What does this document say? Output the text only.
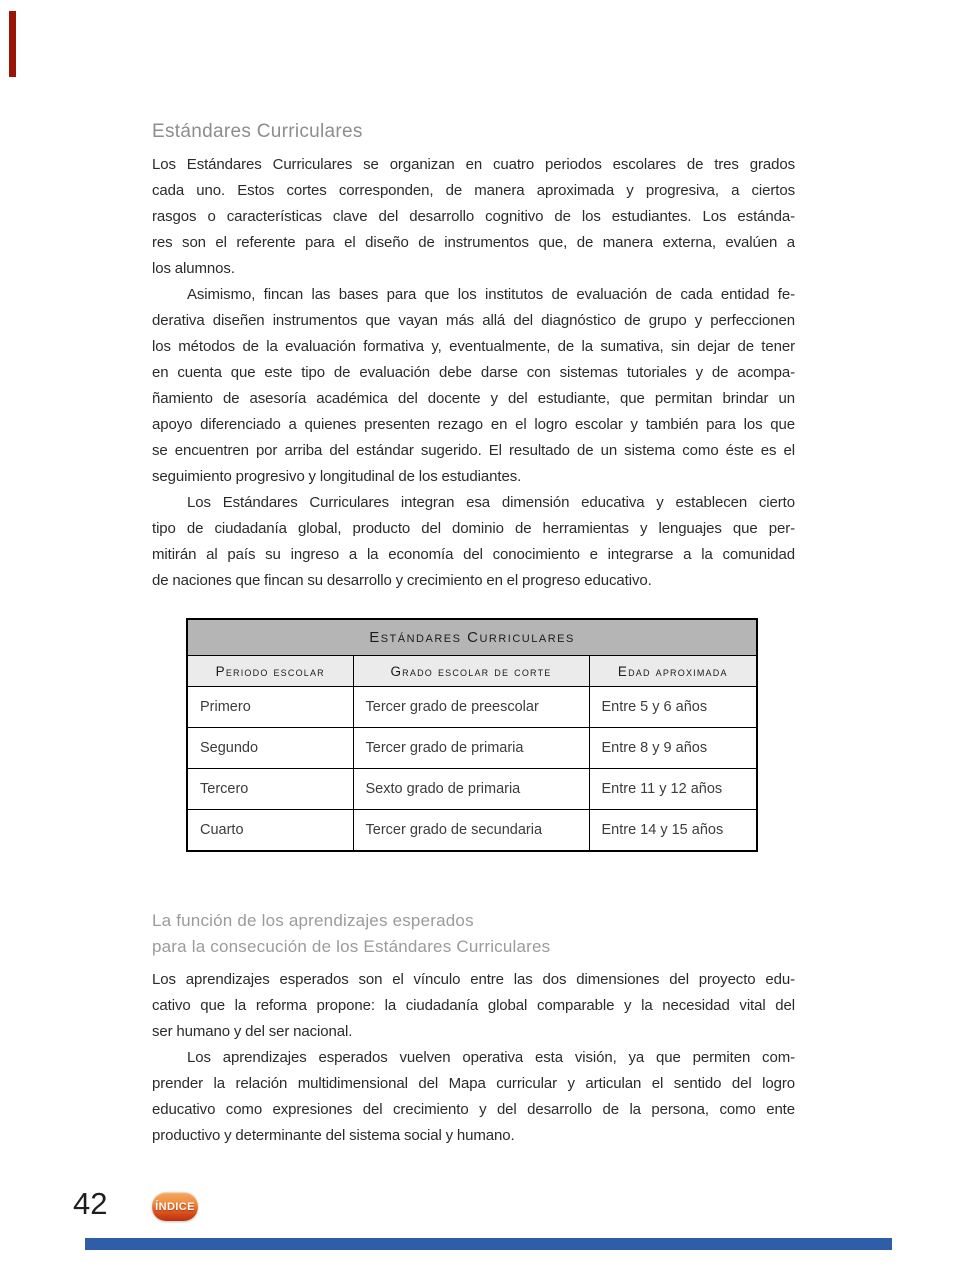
Estándares Curriculares
Los Estándares Curriculares se organizan en cuatro periodos escolares de tres grados
cada uno. Estos cortes corresponden, de manera aproximada y progresiva, a ciertos
rasgos o características clave del desarrollo cognitivo de los estudiantes. Los estánda-
res son el referente para el diseño de instrumentos que, de manera externa, evalúen a
los alumnos.
Asimismo, fincan las bases para que los institutos de evaluación de cada entidad fe-
derativa diseñen instrumentos que vayan más allá del diagnóstico de grupo y perfeccionen
los métodos de la evaluación formativa y, eventualmente, de la sumativa, sin dejar de tener
en cuenta que este tipo de evaluación debe darse con sistemas tutoriales y de acompa-
ñamiento de asesoría académica del docente y del estudiante, que permitan brindar un
apoyo diferenciado a quienes presenten rezago en el logro escolar y también para los que
se encuentren por arriba del estándar sugerido. El resultado de un sistema como éste es el
seguimiento progresivo y longitudinal de los estudiantes.
Los Estándares Curriculares integran esa dimensión educativa y establecen cierto
tipo de ciudadanía global, producto del dominio de herramientas y lenguajes que per-
mitirán al país su ingreso a la economía del conocimiento e integrarse a la comunidad
de naciones que fincan su desarrollo y crecimiento en el progreso educativo.
Estándares Curriculares		
Periodo escolar	Grado escolar de corte	Edad aproximada
Primero	Tercer grado de preescolar	Entre 5 y 6 años
Segundo	Tercer grado de primaria	Entre 8 y 9 años
Tercero	Sexto grado de primaria	Entre 11 y 12 años
Cuarto	Tercer grado de secundaria	Entre 14 y 15 años
La función de los aprendizajes esperados
para la consecución de los Estándares Curriculares
Los aprendizajes esperados son el vínculo entre las dos dimensiones del proyecto edu-
cativo que la reforma propone: la ciudadanía global comparable y la necesidad vital del
ser humano y del ser nacional.
Los aprendizajes esperados vuelven operativa esta visión, ya que permiten com-
prender la relación multidimensional del Mapa curricular y articulan el sentido del logro
educativo como expresiones del crecimiento y del desarrollo de la persona, como ente
productivo y determinante del sistema social y humano.
42	ÍNDICE
